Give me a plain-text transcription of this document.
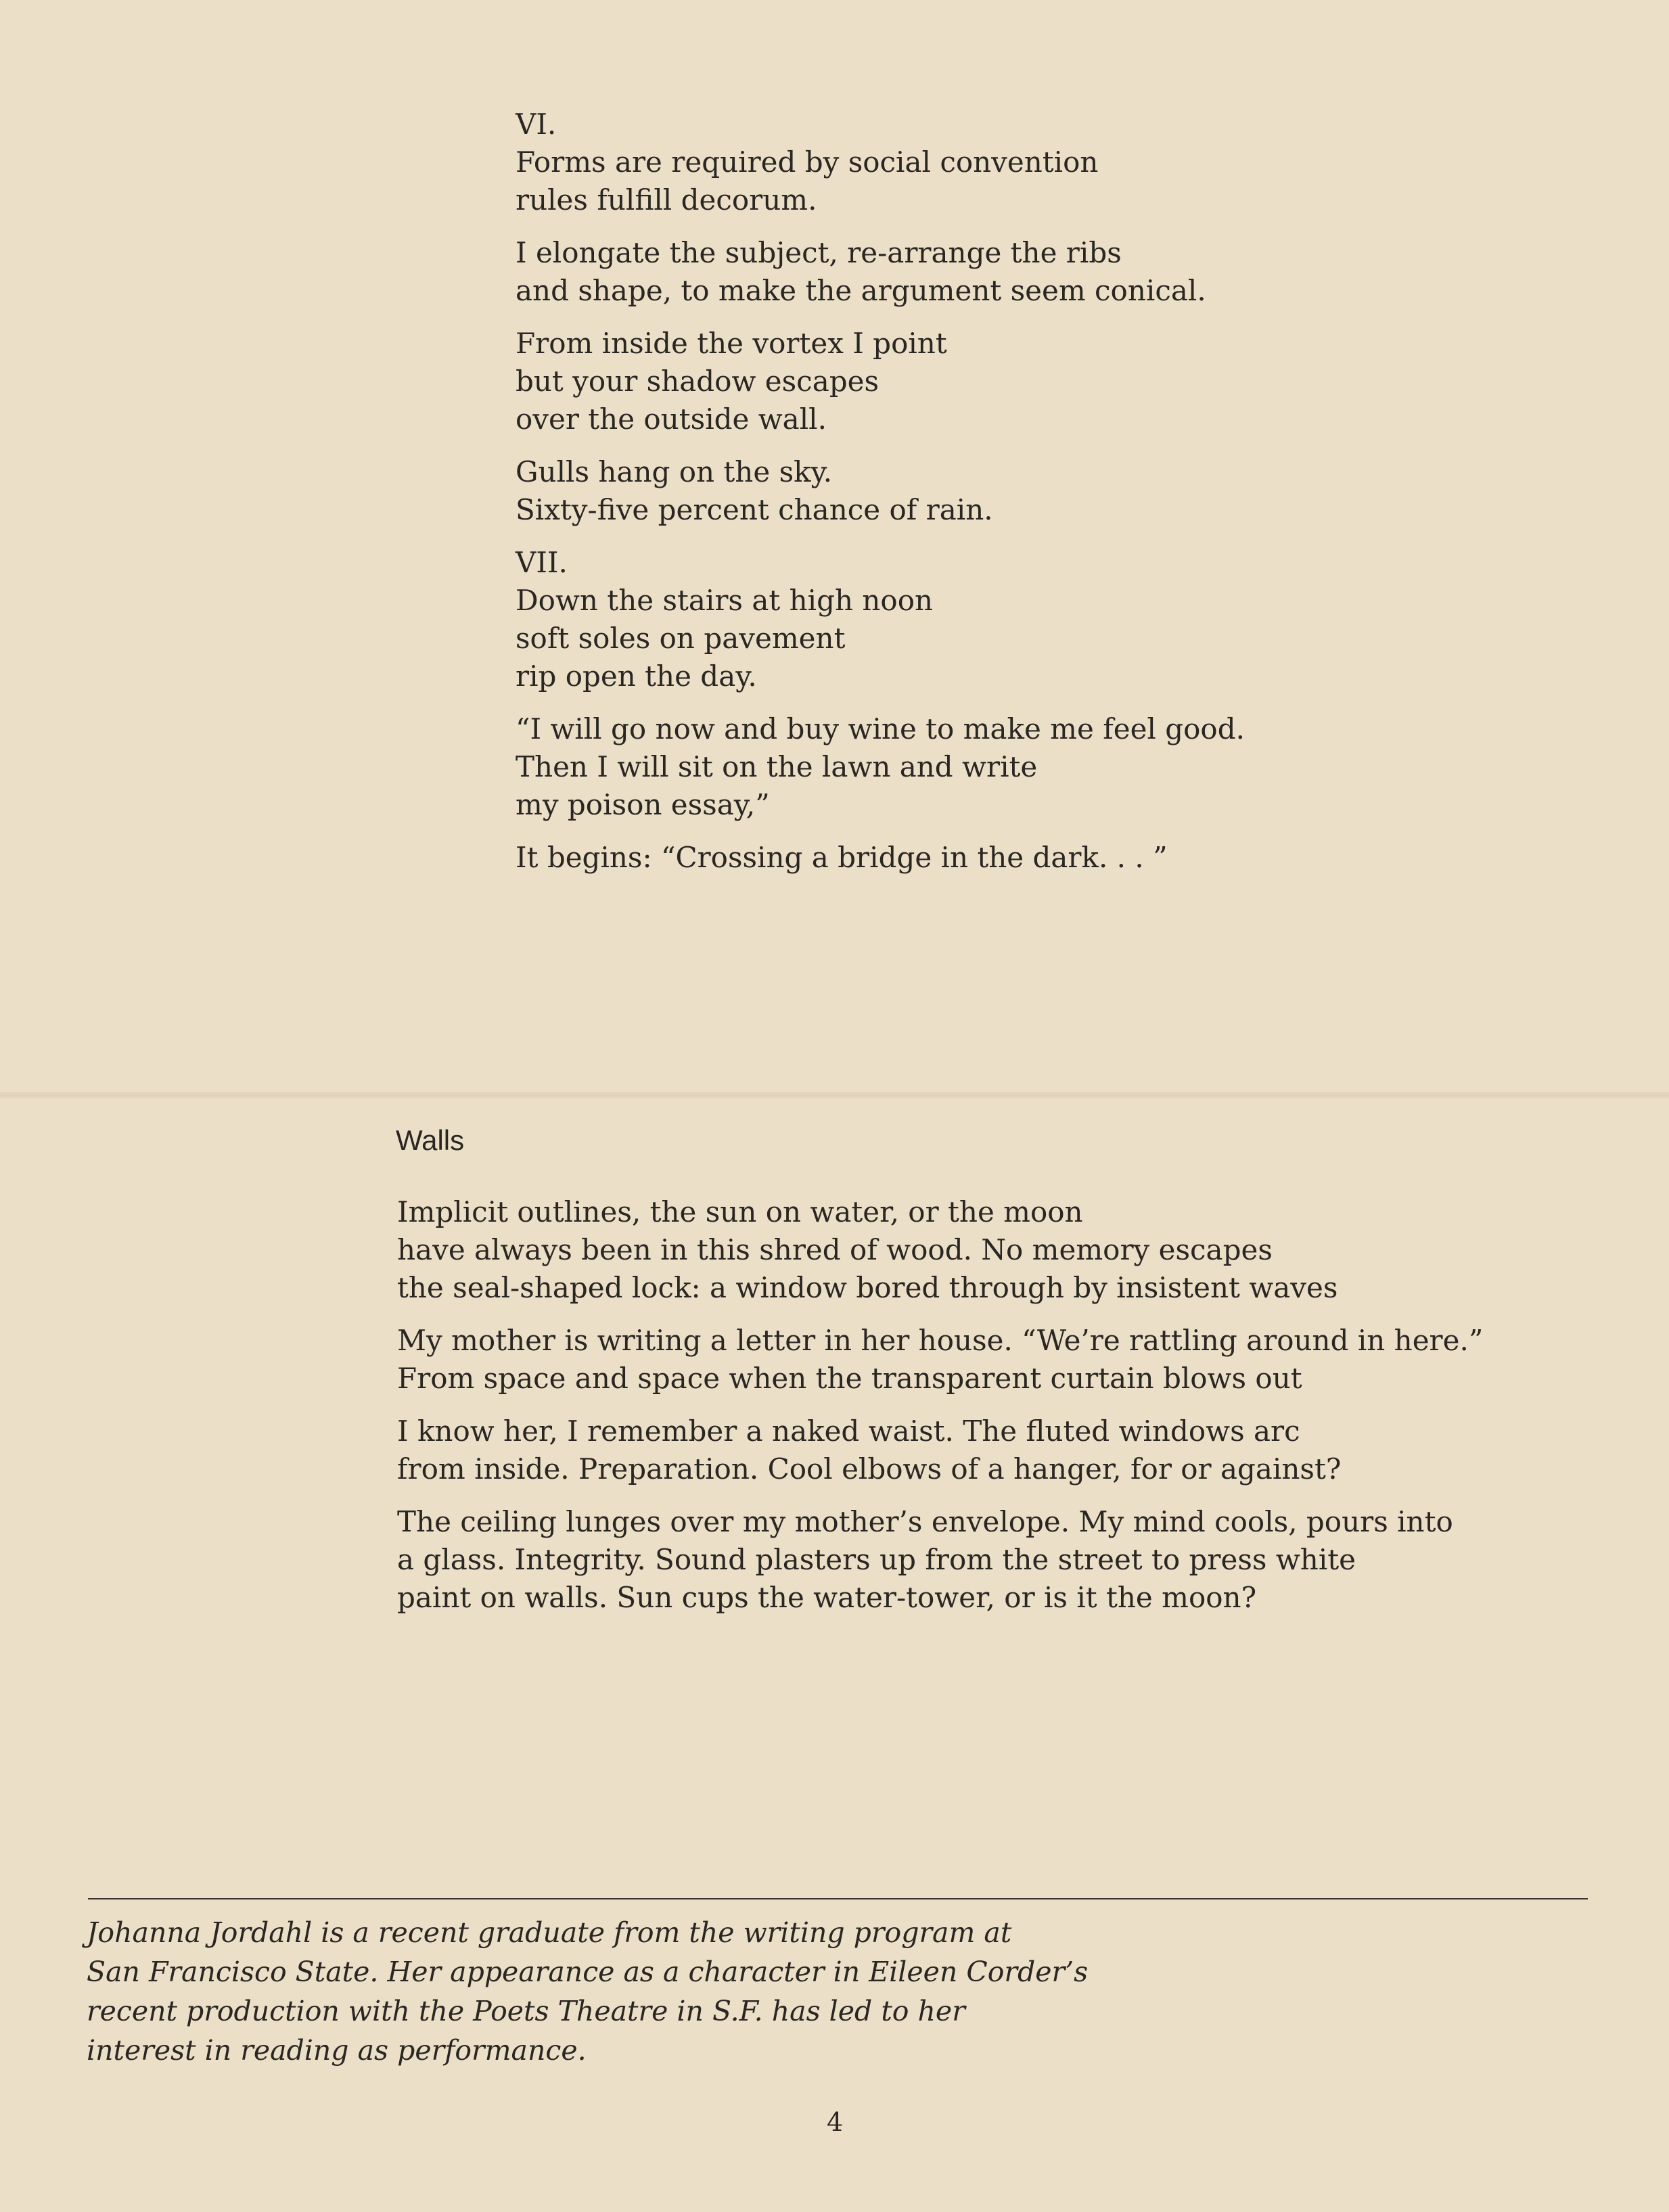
VI.
Forms are required by social convention
rules fulfill decorum.
I elongate the subject, re-arrange the ribs
and shape, to make the argument seem conical.
From inside the vortex I point
but your shadow escapes
over the outside wall.
Gulls hang on the sky.
Sixty-five percent chance of rain.
VII.
Down the stairs at high noon
soft soles on pavement
rip open the day.
“I will go now and buy wine to make me feel good.
Then I will sit on the lawn and write
my poison essay,”
It begins: “Crossing a bridge in the dark. . . ”
Walls
Implicit outlines, the sun on water, or the moon
have always been in this shred of wood. No memory escapes
the seal-shaped lock: a window bored through by insistent waves
My mother is writing a letter in her house. “We’re rattling around in here.”
From space and space when the transparent curtain blows out
I know her, I remember a naked waist. The fluted windows arc
from inside. Preparation. Cool elbows of a hanger, for or against?
The ceiling lunges over my mother’s envelope. My mind cools, pours into
a glass. Integrity. Sound plasters up from the street to press white
paint on walls. Sun cups the water-tower, or is it the moon?
Johanna Jordahl is a recent graduate from the writing program at
San Francisco State. Her appearance as a character in Eileen Corder’s
recent production with the Poets Theatre in S.F. has led to her
interest in reading as performance.
4
